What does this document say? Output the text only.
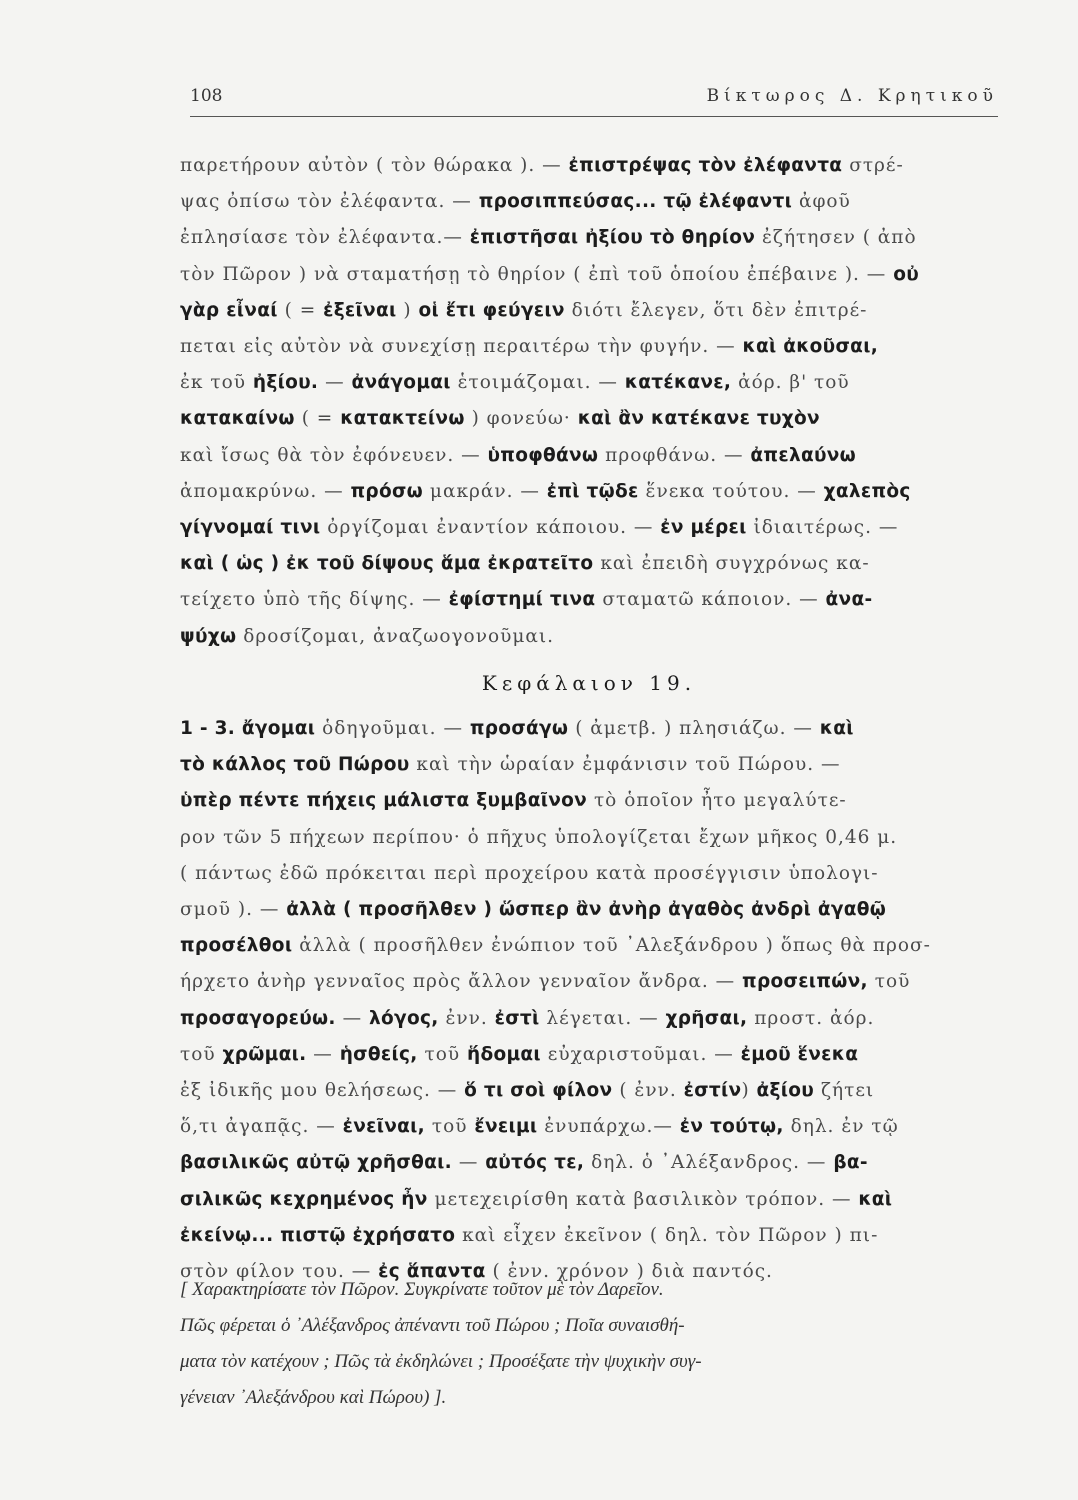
108	Βίκτωρος Δ. Κρητικοῦ

παρετήρουν αὐτὸν ( τὸν θώρακα ). — ἐπιστρέψας τὸν ἐλέφαντα στρέ-
ψας ὀπίσω τὸν ἐλέφαντα. — προσιππεύσας... τῷ ἐλέφαντι ἀφοῦ
ἐπλησίασε τὸν ἐλέφαντα.— ἐπιστῆσαι ἠξίου τὸ θηρίον ἐζήτησεν ( ἀπὸ
τὸν Πῶρον ) νὰ σταματήσῃ τὸ θηρίον ( ἐπὶ τοῦ ὁποίου ἐπέβαινε ). — οὐ
γὰρ εἶναί ( = ἐξεῖναι ) οἱ ἔτι φεύγειν διότι ἔλεγεν, ὅτι δὲν ἐπιτρέ-
πεται εἰς αὐτὸν νὰ συνεχίσῃ περαιτέρω τὴν φυγήν. — καὶ ἀκοῦσαι,
ἐκ τοῦ ἠξίου. — ἀνάγομαι ἑτοιμάζομαι. — κατέκανε, ἀόρ. β' τοῦ
κατακαίνω ( = κατακτείνω ) φονεύω· καὶ ἂν κατέκανε τυχὸν
καὶ ἴσως θὰ τὸν ἐφόνευεν. — ὑποφθάνω προφθάνω. — ἀπελαύνω
ἀπομακρύνω. — πρόσω μακράν. — ἐπὶ τῷδε ἕνεκα τούτου. — χαλεπὸς
γίγνομαί τινι ὀργίζομαι ἐναντίον κάποιου. — ἐν μέρει ἰδιαιτέρως. —
καὶ ( ὡς ) ἐκ τοῦ δίψους ἅμα ἐκρατεῖτο καὶ ἐπειδὴ συγχρόνως κα-
τείχετο ὑπὸ τῆς δίψης. — ἐφίστημί τινα σταματῶ κάποιον. — ἀνα-
ψύχω δροσίζομαι, ἀναζωογονοῦμαι.

Κεφάλαιον 19.

1 - 3. ἄγομαι ὁδηγοῦμαι. — προσάγω ( ἀμετβ. ) πλησιάζω. — καὶ
τὸ κάλλος τοῦ Πώρου καὶ τὴν ὡραίαν ἐμφάνισιν τοῦ Πώρου. —
ὑπὲρ πέντε πήχεις μάλιστα ξυμβαῖνον τὸ ὁποῖον ἦτο μεγαλύτε-
ρον τῶν 5 πήχεων περίπου· ὁ πῆχυς ὑπολογίζεται ἔχων μῆκος 0,46 μ.
( πάντως ἐδῶ πρόκειται περὶ προχείρου κατὰ προσέγγισιν ὑπολογι-
σμοῦ ). — ἀλλὰ ( προσῆλθεν ) ὥσπερ ἂν ἀνὴρ ἀγαθὸς ἀνδρὶ ἀγαθῷ
προσέλθοι ἀλλὰ ( προσῆλθεν ἐνώπιον τοῦ ᾿Αλεξάνδρου ) ὅπως θὰ προσ-
ήρχετο ἀνὴρ γενναῖος πρὸς ἄλλον γενναῖον ἄνδρα. — προσειπών, τοῦ
προσαγορεύω. — λόγος, ἐνν. ἐστὶ λέγεται. — χρῆσαι, προστ. ἀόρ.
τοῦ χρῶμαι. — ἡσθείς, τοῦ ἥδομαι εὐχαριστοῦμαι. — ἐμοῦ ἕνεκα
ἐξ ἰδικῆς μου θελήσεως. — ὅ τι σοὶ φίλον ( ἐνν. ἐστίν) ἀξίου ζήτει
ὅ,τι ἀγαπᾷς. — ἐνεῖναι, τοῦ ἔνειμι ἐνυπάρχω.— ἐν τούτῳ, δηλ. ἐν τῷ
βασιλικῶς αὐτῷ χρῆσθαι. — αὐτός τε, δηλ. ὁ ᾿Αλέξανδρος. — βα-
σιλικῶς κεχρημένος ἦν μετεχειρίσθη κατὰ βασιλικὸν τρόπον. — καὶ
ἐκείνῳ... πιστῷ ἐχρήσατο καὶ εἶχεν ἐκεῖνον ( δηλ. τὸν Πῶρον ) πι-
στὸν φίλον του. — ἐς ἅπαντα ( ἐνν. χρόνον ) διὰ παντός.

[ Χαρακτηρίσατε τὸν Πῶρον. Συγκρίνατε τοῦτον μὲ τὸν Δαρεῖον.
Πῶς φέρεται ὁ ᾿Αλέξανδρος ἀπέναντι τοῦ Πώρου ; Ποῖα συναισθή-
ματα τὸν κατέχουν ; Πῶς τὰ ἐκδηλώνει ; Προσέξατε τὴν ψυχικὴν συγ-
γένειαν ᾿Αλεξάνδρου καὶ Πώρου) ].
